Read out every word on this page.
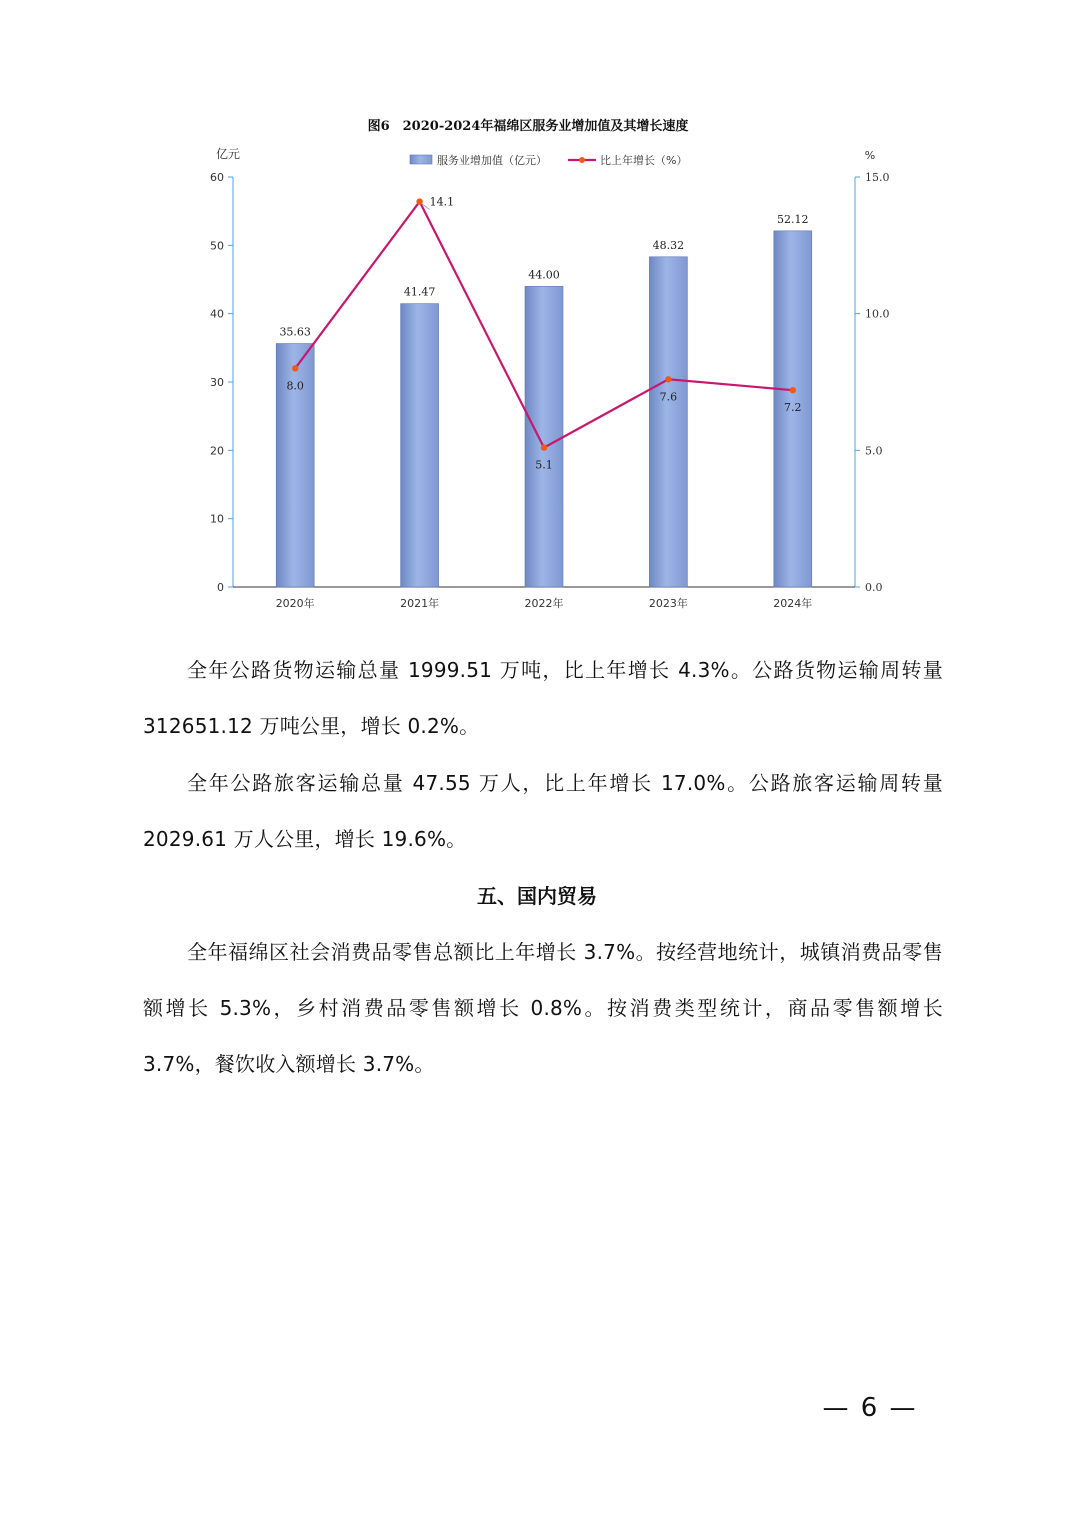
图6　2020-2024年福绵区服务业增加值及其增长速度
亿元	%
服务业增加值（亿元）	比上年增长（%）
0
10
20
30
40
50
60
0.0
5.0
10.0
15.0
2020年	2021年	2022年	2023年	2024年
35.63
41.47
44.00
48.32
52.12
8.0
14.1
5.1
7.6
7.2

全年公路货物运输总量 1999.51 万吨，比上年增长 4.3%。公路货物运输周转量 312651.12 万吨公里，增长 0.2%。

全年公路旅客运输总量 47.55 万人，比上年增长 17.0%。公路旅客运输周转量 2029.61 万人公里，增长 19.6%。

五、国内贸易

全年福绵区社会消费品零售总额比上年增长 3.7%。按经营地统计，城镇消费品零售额增长 5.3%，乡村消费品零售额增长 0.8%。按消费类型统计，商品零售额增长 3.7%，餐饮收入额增长 3.7%。

— 6 —
